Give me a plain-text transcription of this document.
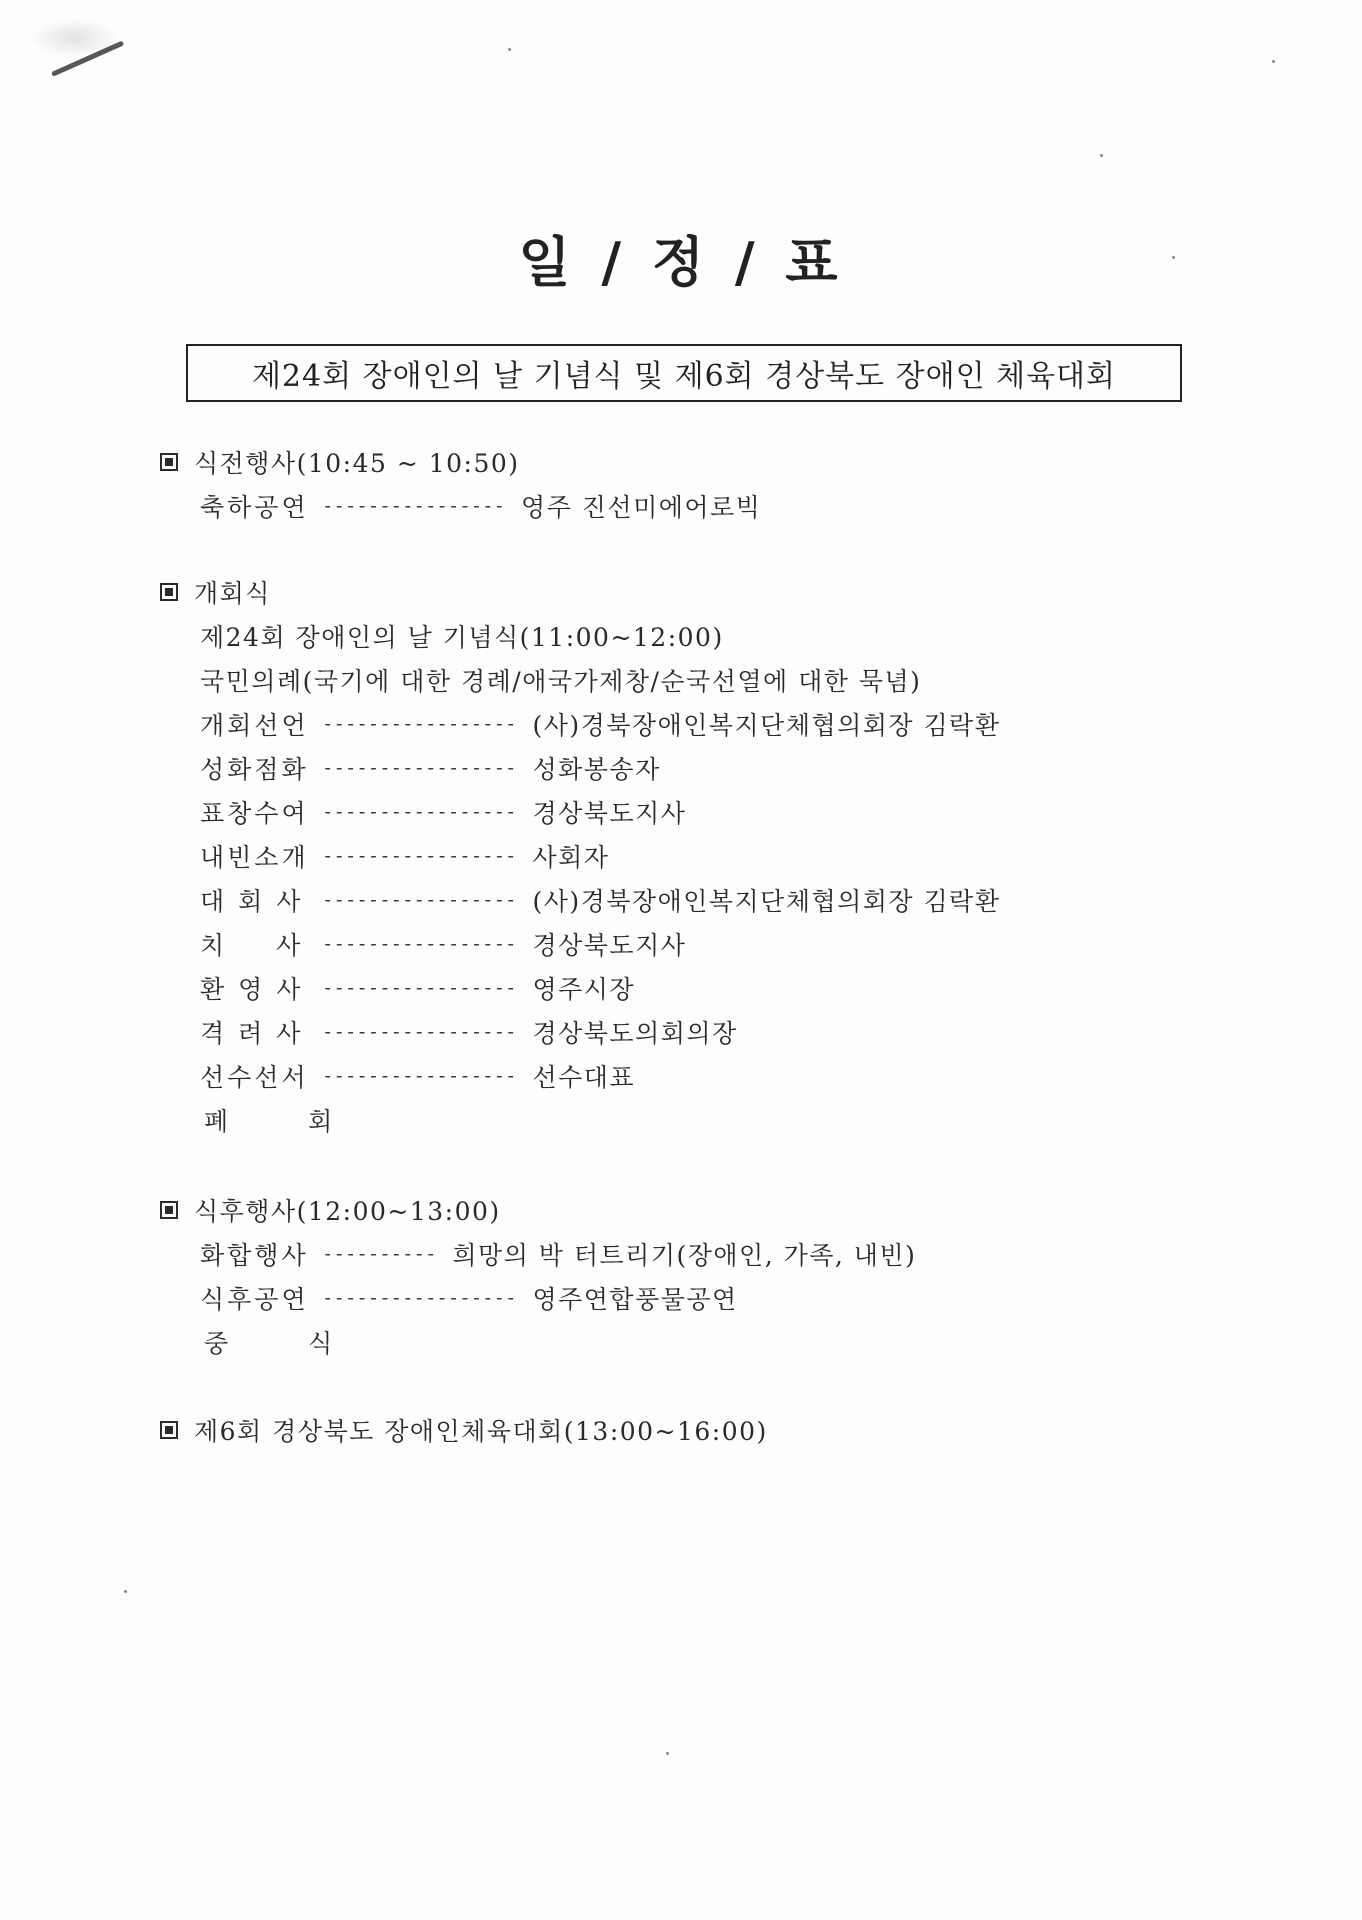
일 / 정 / 표
제24회 장애인의 날 기념식 및 제6회 경상북도 장애인 체육대회
식전행사(10:45 ~ 10:50)
축하공연 ---------------- 영주 진선미에어로빅
개회식
제24회 장애인의 날 기념식(11:00~12:00)
국민의례(국기에 대한 경례/애국가제창/순국선열에 대한 묵념)
개회선언 ----------------- (사)경북장애인복지단체협의회장 김락환
성화점화 ----------------- 성화봉송자
표창수여 ----------------- 경상북도지사
내빈소개 ----------------- 사회자
대 회 사 ----------------- (사)경북장애인복지단체협의회장 김락환
치 사 ----------------- 경상북도지사
환 영 사 ----------------- 영주시장
격 려 사 ----------------- 경상북도의회의장
선수선서 ----------------- 선수대표
폐 회
식후행사(12:00~13:00)
화합행사 ---------- 희망의 박 터트리기(장애인, 가족, 내빈)
식후공연 ----------------- 영주연합풍물공연
중 식
제6회 경상북도 장애인체육대회(13:00~16:00)
